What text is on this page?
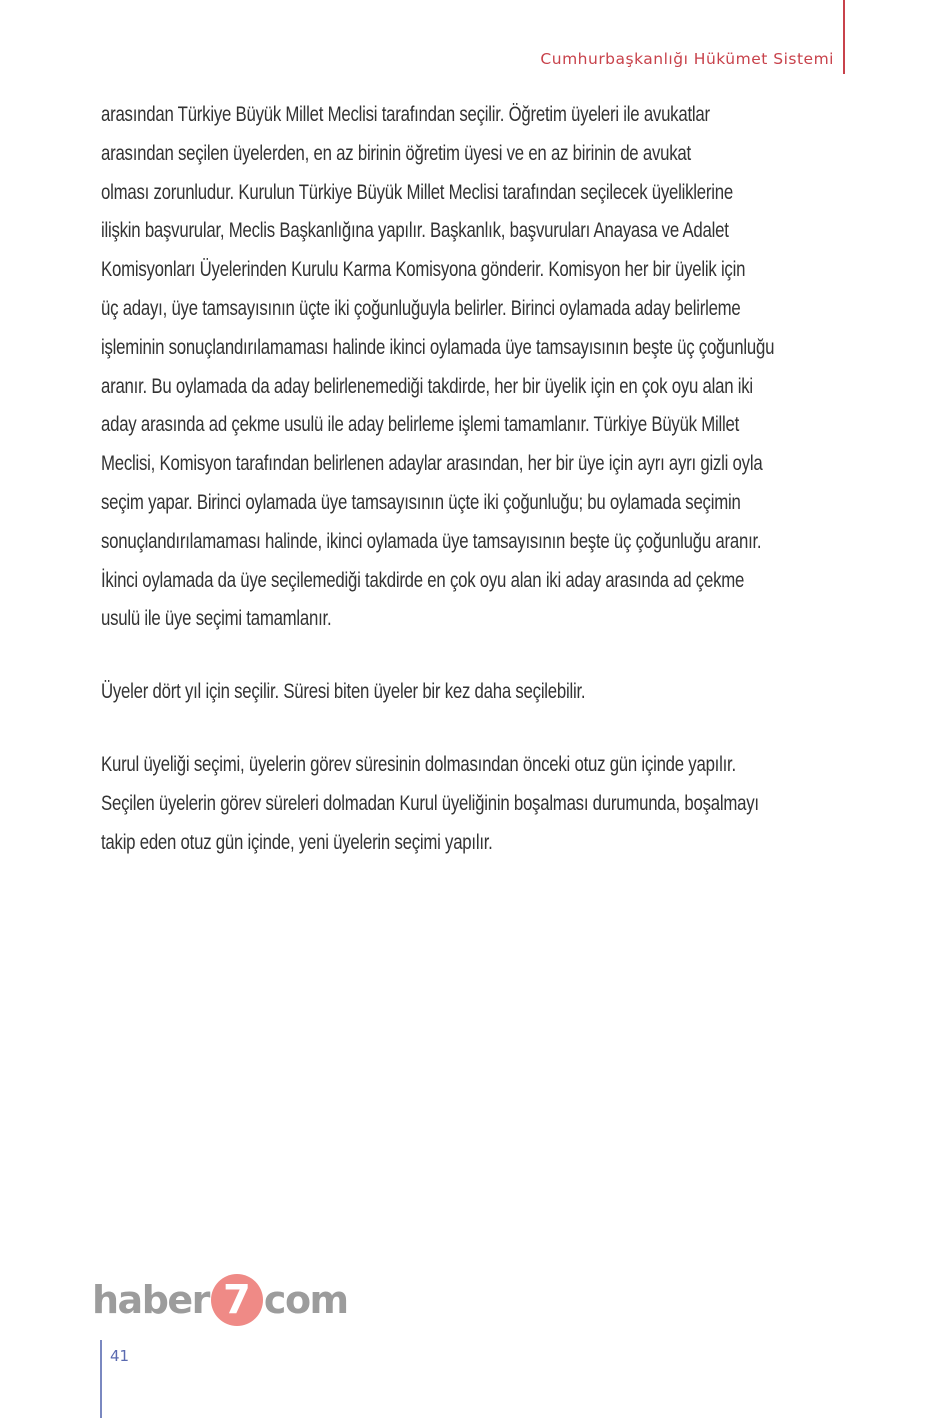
Cumhurbaşkanlığı Hükümet Sistemi
arasından Türkiye Büyük Millet Meclisi tarafından seçilir. Öğretim üyeleri ile avukatlar
arasından seçilen üyelerden, en az birinin öğretim üyesi ve en az birinin de avukat
olması zorunludur. Kurulun Türkiye Büyük Millet Meclisi tarafından seçilecek üyeliklerine
ilişkin başvurular, Meclis Başkanlığına yapılır. Başkanlık, başvuruları Anayasa ve Adalet
Komisyonları Üyelerinden Kurulu Karma Komisyona gönderir. Komisyon her bir üyelik için
üç adayı, üye tamsayısının üçte iki çoğunluğuyla belirler. Birinci oylamada aday belirleme
işleminin sonuçlandırılamaması halinde ikinci oylamada üye tamsayısının beşte üç çoğunluğu
aranır. Bu oylamada da aday belirlenemediği takdirde, her bir üyelik için en çok oyu alan iki
aday arasında ad çekme usulü ile aday belirleme işlemi tamamlanır. Türkiye Büyük Millet
Meclisi, Komisyon tarafından belirlenen adaylar arasından, her bir üye için ayrı ayrı gizli oyla
seçim yapar. Birinci oylamada üye tamsayısının üçte iki çoğunluğu; bu oylamada seçimin
sonuçlandırılamaması halinde, ikinci oylamada üye tamsayısının beşte üç çoğunluğu aranır.
İkinci oylamada da üye seçilemediği takdirde en çok oyu alan iki aday arasında ad çekme
usulü ile üye seçimi tamamlanır.
Üyeler dört yıl için seçilir. Süresi biten üyeler bir kez daha seçilebilir.
Kurul üyeliği seçimi, üyelerin görev süresinin dolmasından önceki otuz gün içinde yapılır.
Seçilen üyelerin görev süreleri dolmadan Kurul üyeliğinin boşalması durumunda, boşalmayı
takip eden otuz gün içinde, yeni üyelerin seçimi yapılır.
haber 7 com
41
